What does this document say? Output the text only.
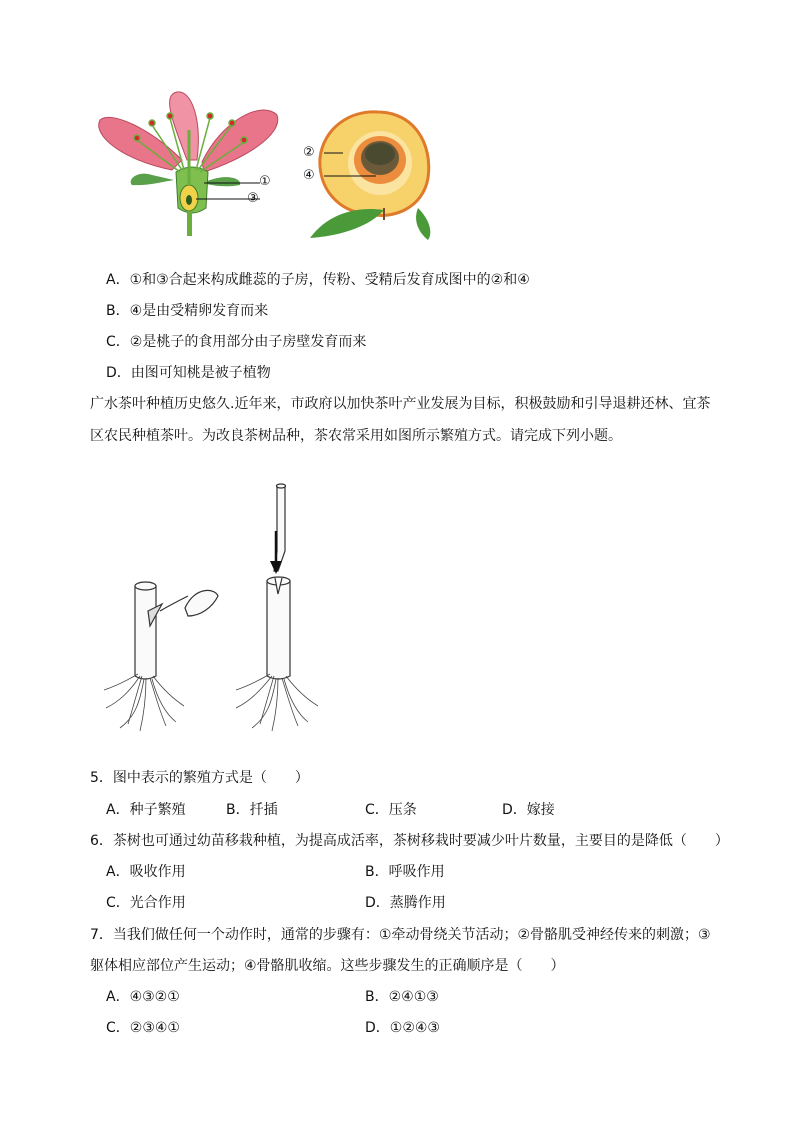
①
③
②
④
A．①和③合起来构成雌蕊的子房，传粉、受精后发育成图中的②和④
B．④是由受精卵发育而来
C．②是桃子的食用部分由子房壁发育而来
D．由图可知桃是被子植物
广水茶叶种植历史悠久.近年来，市政府以加快茶叶产业发展为目标，积极鼓励和引导退耕还林、宜茶
区农民种植茶叶。为改良茶树品种，茶农常采用如图所示繁殖方式。请完成下列小题。
5．图中表示的繁殖方式是（　　）
A．种子繁殖	B．扦插	C．压条	D．嫁接
6．茶树也可通过幼苗移栽种植，为提高成活率，茶树移栽时要减少叶片数量，主要目的是降低（　　）
A．吸收作用	B．呼吸作用
C．光合作用	D．蒸腾作用
7．当我们做任何一个动作时，通常的步骤有：①牵动骨绕关节活动；②骨骼肌受神经传来的刺激；③
躯体相应部位产生运动；④骨骼肌收缩。这些步骤发生的正确顺序是（　　）
A．④③②①	B．②④①③
C．②③④①	D．①②④③
